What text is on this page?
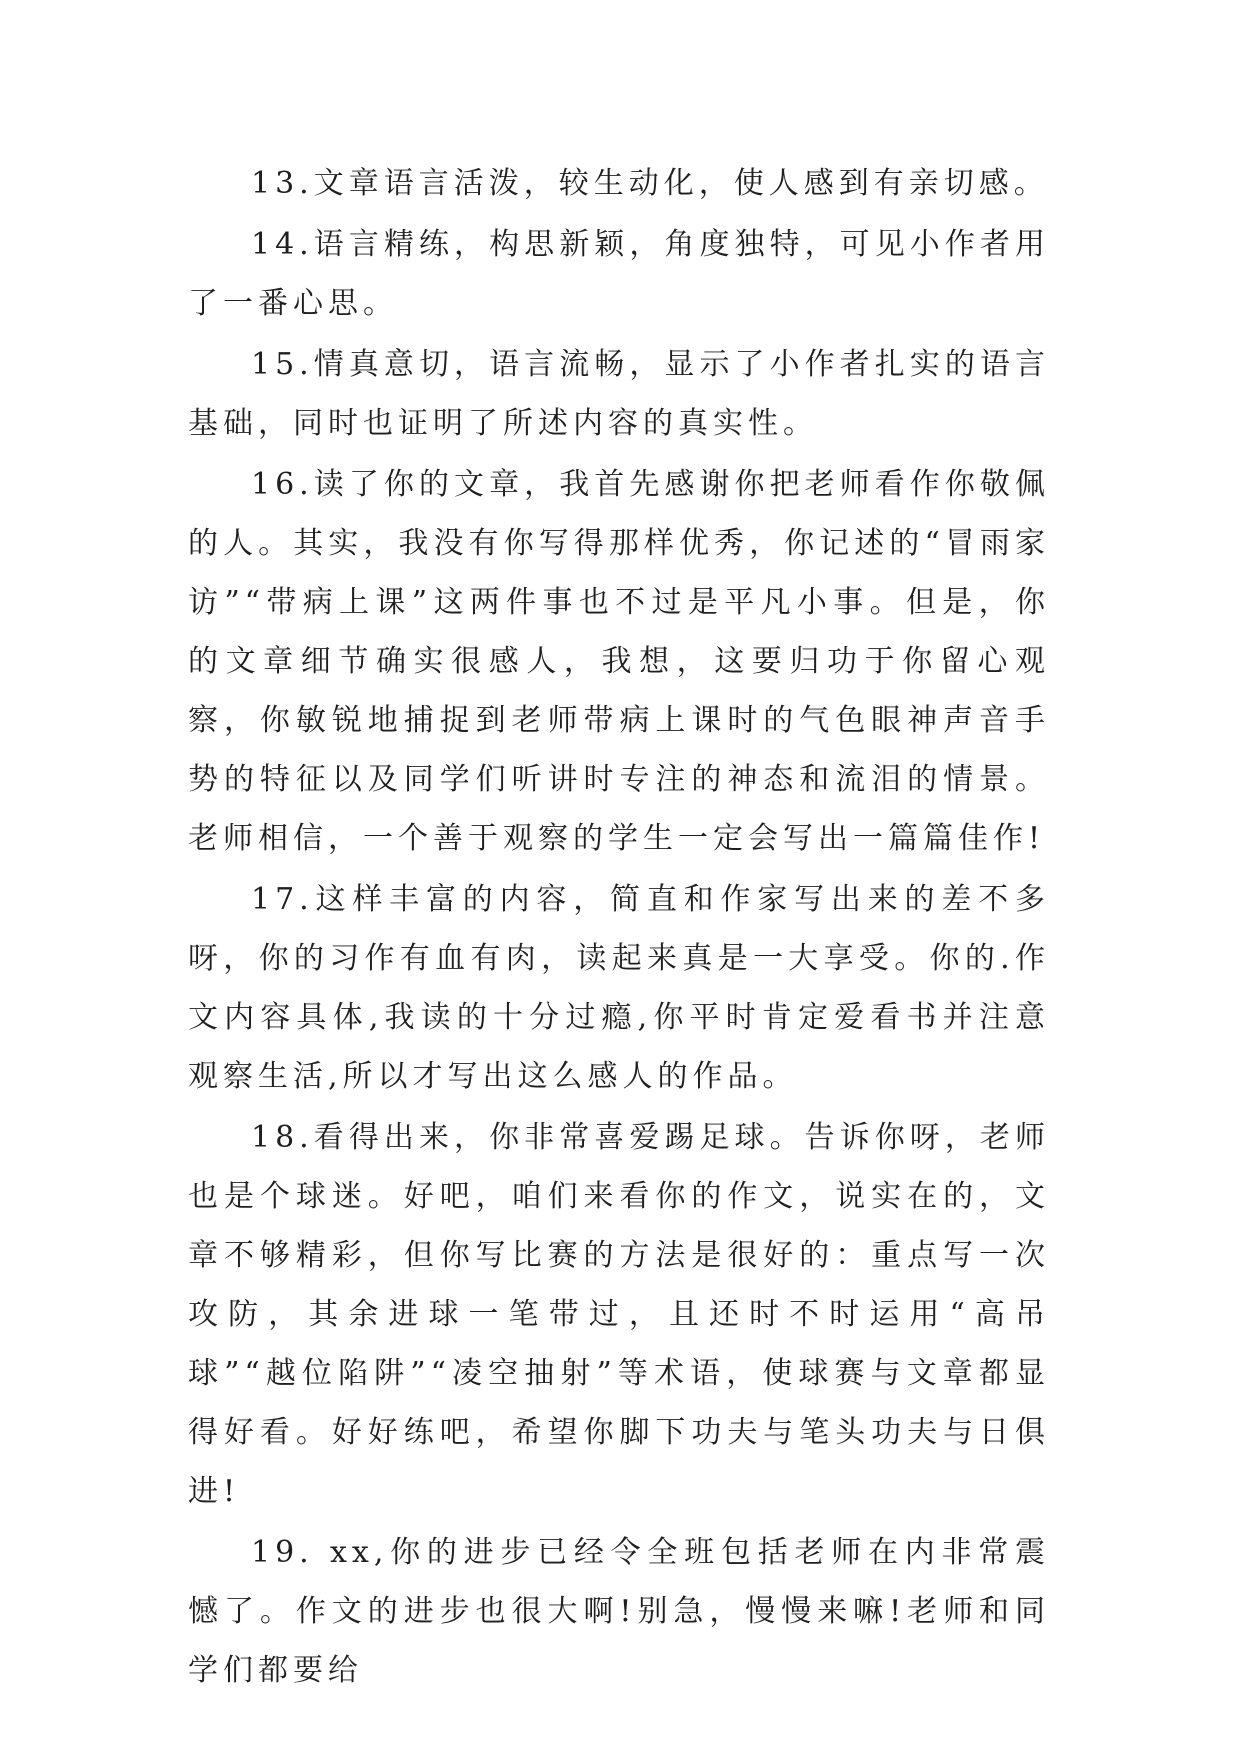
13.文章语言活泼，较生动化，使人感到有亲切感。

14.语言精练，构思新颖，角度独特，可见小作者用了一番心思。

15.情真意切，语言流畅，显示了小作者扎实的语言基础，同时也证明了所述内容的真实性。

16.读了你的文章，我首先感谢你把老师看作你敬佩的人。其实，我没有你写得那样优秀，你记述的“冒雨家访”“带病上课”这两件事也不过是平凡小事。但是，你的文章细节确实很感人，我想，这要归功于你留心观察，你敏锐地捕捉到老师带病上课时的气色眼神声音手势的特征以及同学们听讲时专注的神态和流泪的情景。老师相信，一个善于观察的学生一定会写出一篇篇佳作!

17.这样丰富的内容，简直和作家写出来的差不多呀，你的习作有血有肉，读起来真是一大享受。你的.作文内容具体,我读的十分过瘾,你平时肯定爱看书并注意观察生活,所以才写出这么感人的作品。

18.看得出来，你非常喜爱踢足球。告诉你呀，老师也是个球迷。好吧，咱们来看你的作文，说实在的，文章不够精彩，但你写比赛的方法是很好的：重点写一次攻防，其余进球一笔带过，且还时不时运用“高吊球”“越位陷阱”“凌空抽射”等术语，使球赛与文章都显得好看。好好练吧，希望你脚下功夫与笔头功夫与日俱进!

19. xx,你的进步已经令全班包括老师在内非常震憾了。作文的进步也很大啊!别急，慢慢来嘛!老师和同学们都要给
